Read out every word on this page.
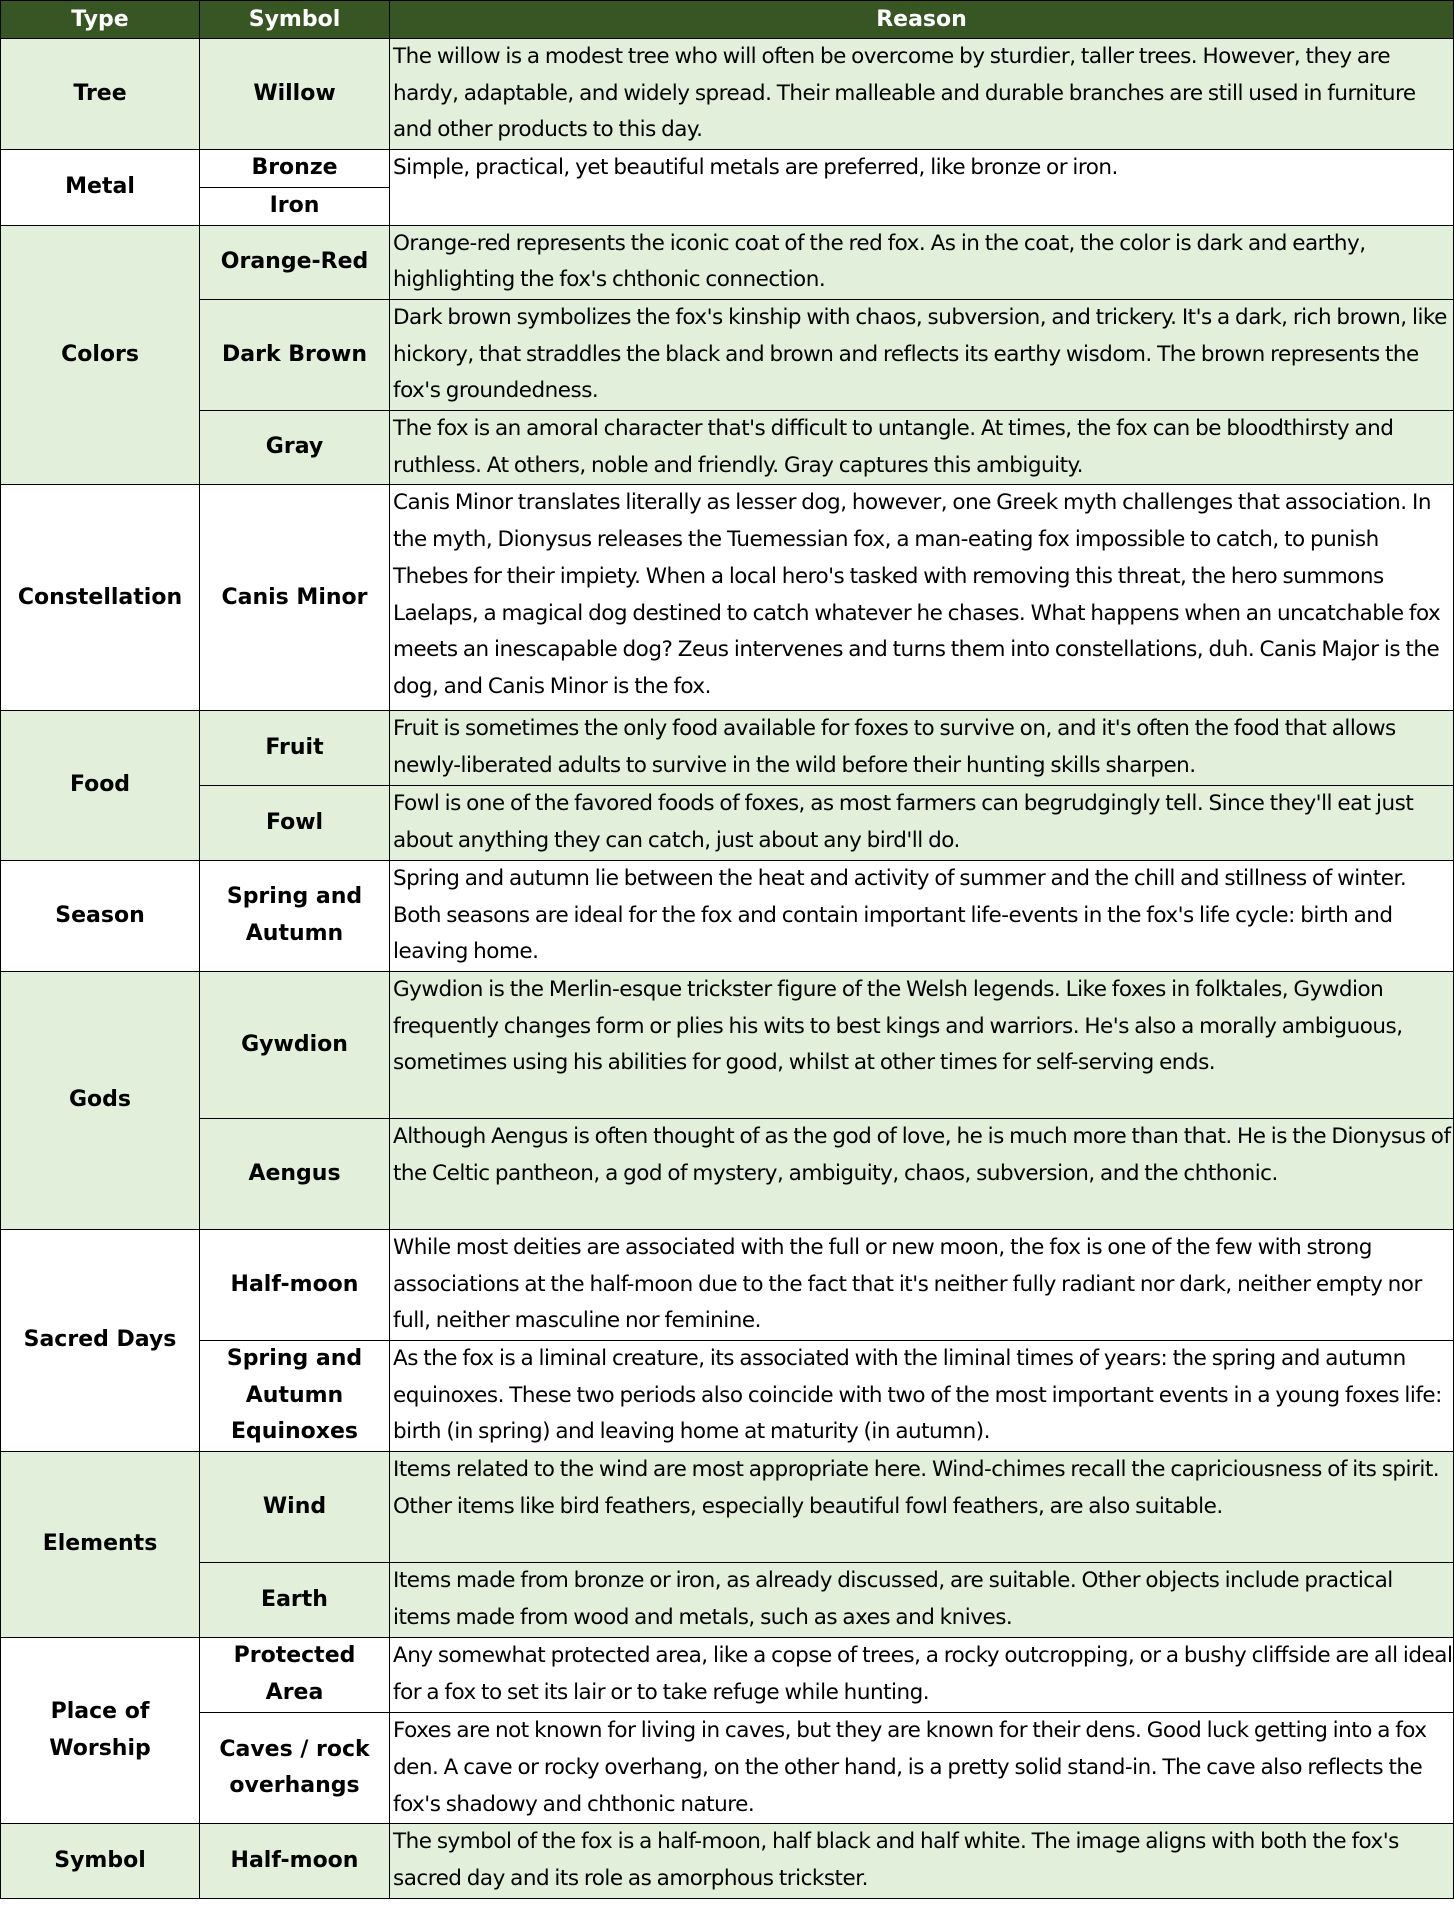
Type	Symbol	Reason
Tree	Willow	The willow is a modest tree who will often be overcome by sturdier, taller trees. However, they are hardy, adaptable, and widely spread. Their malleable and durable branches are still used in furniture and other products to this day.
Metal	Bronze	Simple, practical, yet beautiful metals are preferred, like bronze or iron.
	Iron	
Colors	Orange-Red	Orange-red represents the iconic coat of the red fox. As in the coat, the color is dark and earthy, highlighting the fox's chthonic connection.
	Dark Brown	Dark brown symbolizes the fox's kinship with chaos, subversion, and trickery. It's a dark, rich brown, like hickory, that straddles the black and brown and reflects its earthy wisdom. The brown represents the fox's groundedness.
	Gray	The fox is an amoral character that's difficult to untangle. At times, the fox can be bloodthirsty and ruthless. At others, noble and friendly. Gray captures this ambiguity.
Constellation	Canis Minor	Canis Minor translates literally as lesser dog, however, one Greek myth challenges that association. In the myth, Dionysus releases the Tuemessian fox, a man-eating fox impossible to catch, to punish Thebes for their impiety. When a local hero's tasked with removing this threat, the hero summons Laelaps, a magical dog destined to catch whatever he chases. What happens when an uncatchable fox meets an inescapable dog? Zeus intervenes and turns them into constellations, duh. Canis Major is the dog, and Canis Minor is the fox.
Food	Fruit	Fruit is sometimes the only food available for foxes to survive on, and it's often the food that allows newly-liberated adults to survive in the wild before their hunting skills sharpen.
	Fowl	Fowl is one of the favored foods of foxes, as most farmers can begrudgingly tell. Since they'll eat just about anything they can catch, just about any bird'll do.
Season	Spring and Autumn	Spring and autumn lie between the heat and activity of summer and the chill and stillness of winter. Both seasons are ideal for the fox and contain important life-events in the fox's life cycle: birth and leaving home.
Gods	Gywdion	Gywdion is the Merlin-esque trickster figure of the Welsh legends. Like foxes in folktales, Gywdion frequently changes form or plies his wits to best kings and warriors. He's also a morally ambiguous, sometimes using his abilities for good, whilst at other times for self-serving ends.
	Aengus	Although Aengus is often thought of as the god of love, he is much more than that. He is the Dionysus of the Celtic pantheon, a god of mystery, ambiguity, chaos, subversion, and the chthonic.
Sacred Days	Half-moon	While most deities are associated with the full or new moon, the fox is one of the few with strong associations at the half-moon due to the fact that it's neither fully radiant nor dark, neither empty nor full, neither masculine nor feminine.
	Spring and Autumn Equinoxes	As the fox is a liminal creature, its associated with the liminal times of years: the spring and autumn equinoxes. These two periods also coincide with two of the most important events in a young foxes life: birth (in spring) and leaving home at maturity (in autumn).
Elements	Wind	Items related to the wind are most appropriate here. Wind-chimes recall the capriciousness of its spirit. Other items like bird feathers, especially beautiful fowl feathers, are also suitable.
	Earth	Items made from bronze or iron, as already discussed, are suitable. Other objects include practical items made from wood and metals, such as axes and knives.
Place of Worship	Protected Area	Any somewhat protected area, like a copse of trees, a rocky outcropping, or a bushy cliffside are all ideal for a fox to set its lair or to take refuge while hunting.
	Caves / rock overhangs	Foxes are not known for living in caves, but they are known for their dens. Good luck getting into a fox den. A cave or rocky overhang, on the other hand, is a pretty solid stand-in. The cave also reflects the fox's shadowy and chthonic nature.
Symbol	Half-moon	The symbol of the fox is a half-moon, half black and half white. The image aligns with both the fox's sacred day and its role as amorphous trickster.
